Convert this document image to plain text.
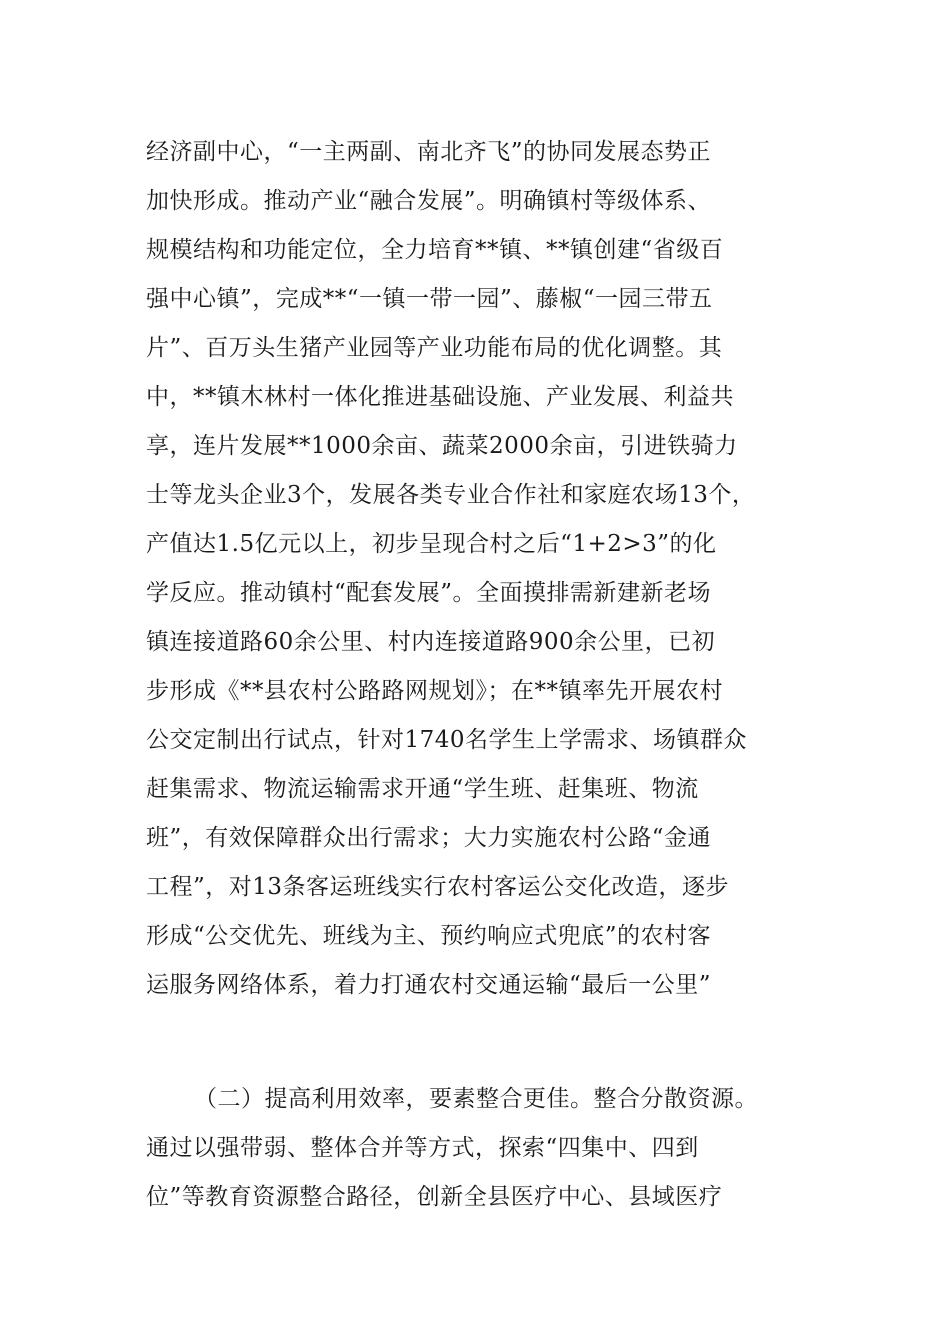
经济副中心，“一主两副、南北齐飞”的协同发展态势正
加快形成。推动产业“融合发展”。明确镇村等级体系、
规模结构和功能定位，全力培育**镇、**镇创建“省级百
强中心镇”，完成**“一镇一带一园”、藤椒“一园三带五
片”、百万头生猪产业园等产业功能布局的优化调整。其
中，**镇木林村一体化推进基础设施、产业发展、利益共
享，连片发展**1000余亩、蔬菜2000余亩，引进铁骑力
士等龙头企业3个，发展各类专业合作社和家庭农场13个，
产值达1.5亿元以上，初步呈现合村之后“1+2>3”的化
学反应。推动镇村“配套发展”。全面摸排需新建新老场
镇连接道路60余公里、村内连接道路900余公里，已初
步形成《**县农村公路路网规划》；在**镇率先开展农村
公交定制出行试点，针对1740名学生上学需求、场镇群众
赶集需求、物流运输需求开通“学生班、赶集班、物流
班”，有效保障群众出行需求；大力实施农村公路“金通
工程”，对13条客运班线实行农村客运公交化改造，逐步
形成“公交优先、班线为主、预约响应式兜底”的农村客
运服务网络体系，着力打通农村交通运输“最后一公里”
（二）提高利用效率，要素整合更佳。整合分散资源。
通过以强带弱、整体合并等方式，探索“四集中、四到
位”等教育资源整合路径，创新全县医疗中心、县域医疗
